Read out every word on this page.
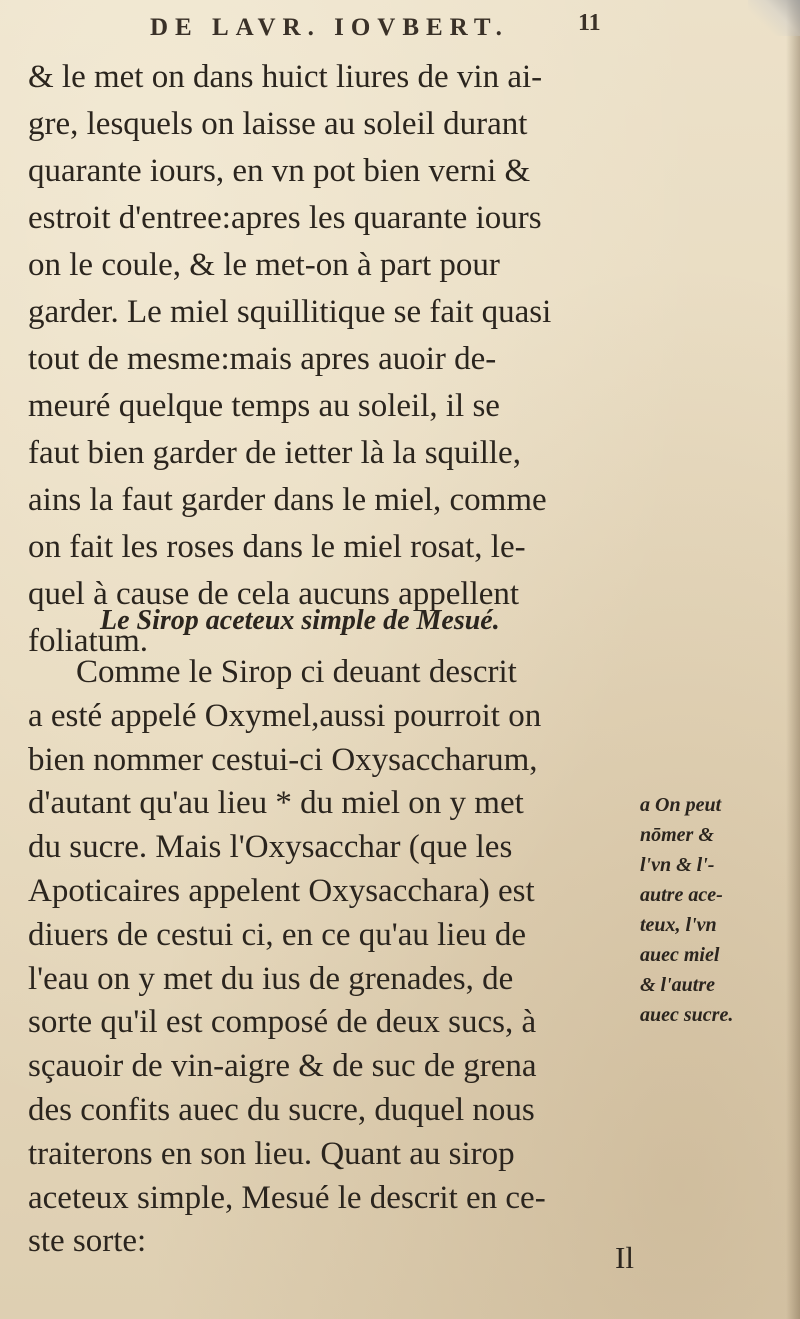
DE LAVR. IOVBERT.	11
& le met on dans huict liures de vin ai-
gre, lesquels on laisse au soleil durant
quarante iours, en vn pot bien verni &
estroit d'entree:apres les quarante iours
on le coule, & le met-on à part pour
garder. Le miel squillitique se fait quasi
tout de mesme:mais apres auoir de-
meuré quelque temps au soleil, il se
faut bien garder de ietter là la squille,
ains la faut garder dans le miel, comme
on fait les roses dans le miel rosat, le-
quel à cause de cela aucuns appellent
foliatum.
Le Sirop aceteux simple de Mesué.
Comme le Sirop ci deuant descrit
a esté appelé Oxymel,aussi pourroit on
bien nommer cestui-ci Oxysaccharum,
d'autant qu'au lieu * du miel on y met
du sucre. Mais l'Oxysacchar (que les
Apoticaires appelent Oxysacchara) est
diuers de cestui ci, en ce qu'au lieu de
l'eau on y met du ius de grenades, de
sorte qu'il est composé de deux sucs, à
sçauoir de vin-aigre & de suc de grena
des confits auec du sucre, duquel nous
traiterons en son lieu. Quant au sirop
aceteux simple, Mesué le descrit en ce-
ste sorte:
a On peut
nōmer &
l'vn & l'-
autre ace-
teux, l'vn
auec miel
& l'autre
auec sucre.
Il
